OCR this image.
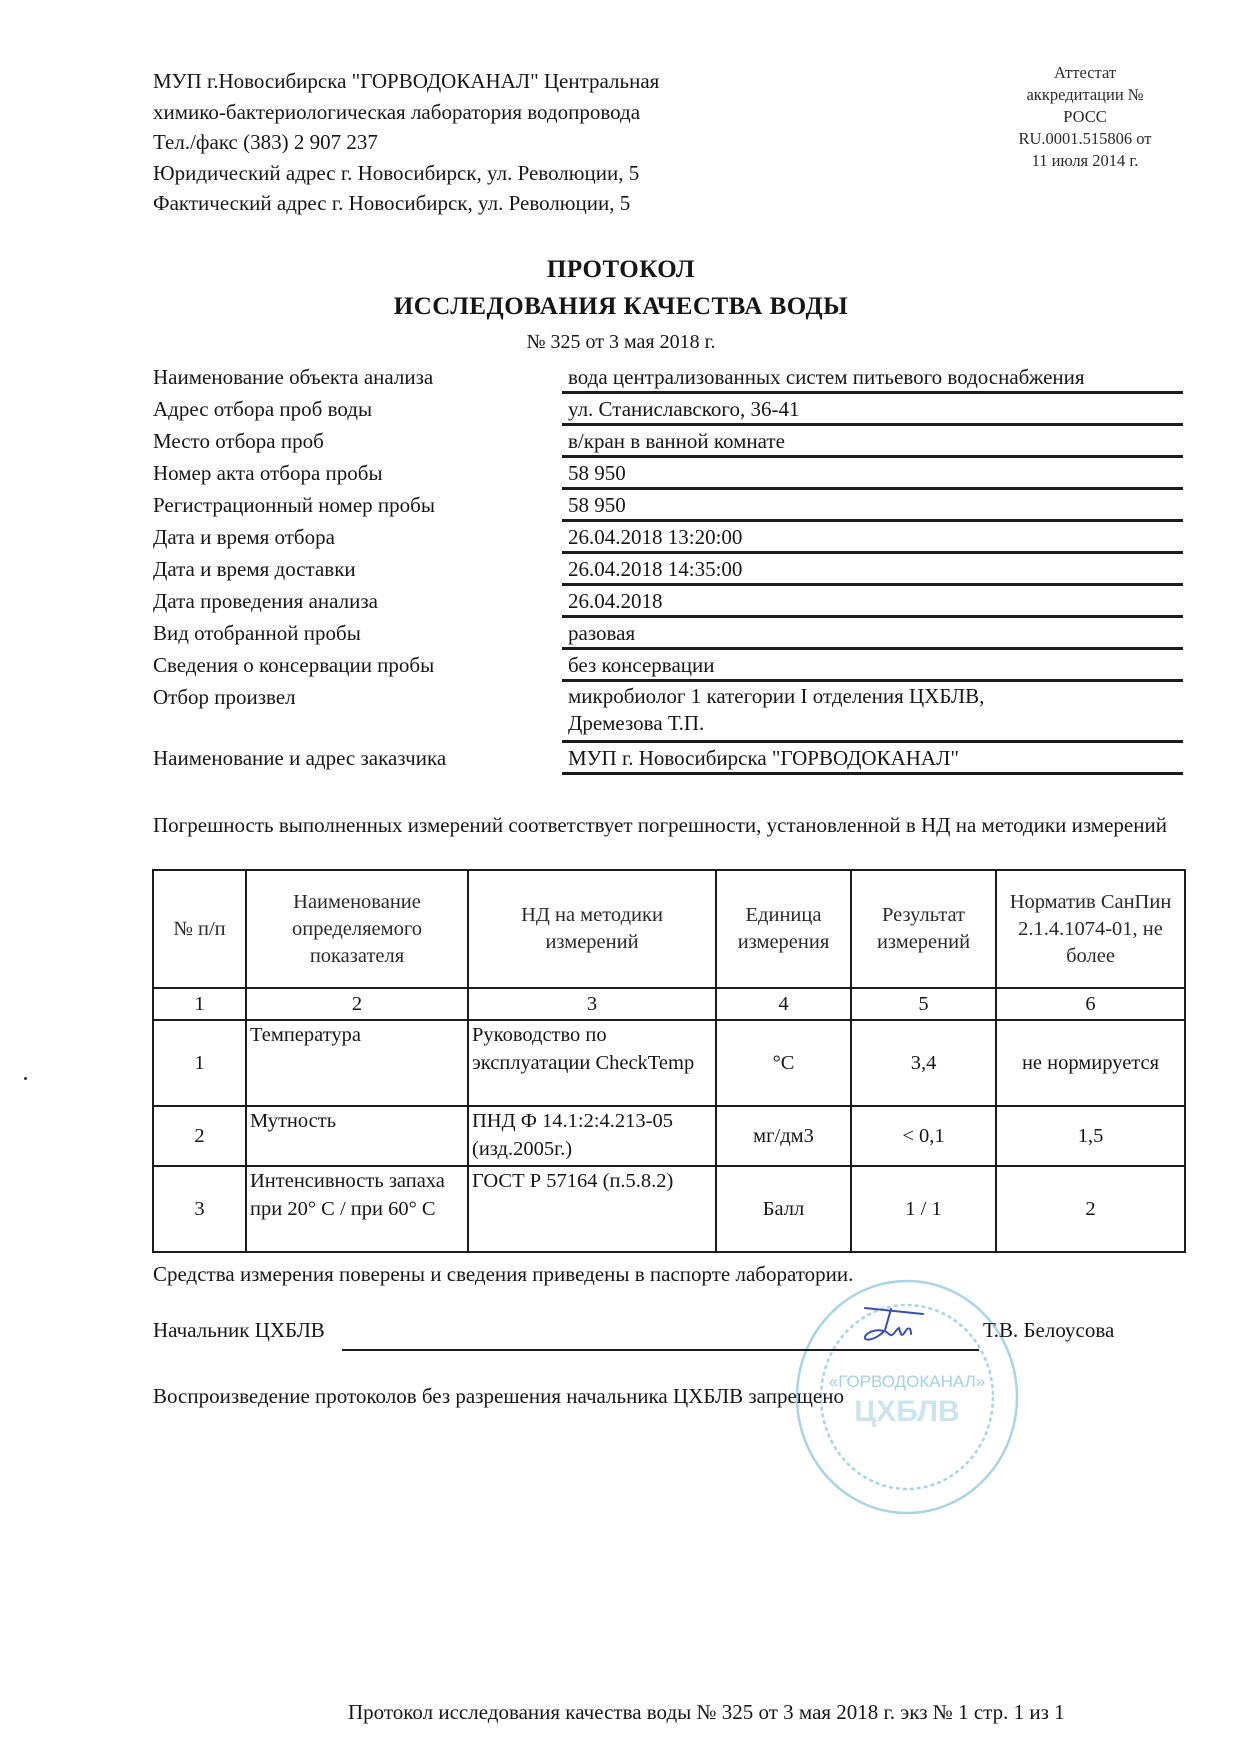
МУП г.Новосибирска "ГОРВОДОКАНАЛ" Центральная
химико-бактериологическая лаборатория водопровода
Тел./факс (383) 2 907 237
Юридический адрес г. Новосибирск, ул. Революции, 5
Фактический адрес г. Новосибирск, ул. Революции, 5
Аттестат
аккредитации №
РОСС
RU.0001.515806 от
11 июля 2014 г.
ПРОТОКОЛ
ИССЛЕДОВАНИЯ КАЧЕСТВА ВОДЫ
№ 325 от 3 мая 2018 г.
Наименование объекта анализа	вода централизованных систем питьевого водоснабжения
Адрес отбора проб воды	ул. Станиславского, 36-41
Место отбора проб	в/кран в ванной комнате
Номер акта отбора пробы	58 950
Регистрационный номер пробы	58 950
Дата и время отбора	26.04.2018 13:20:00
Дата и время доставки	26.04.2018 14:35:00
Дата проведения анализа	26.04.2018
Вид отобранной пробы	разовая
Сведения о консервации пробы	без консервации
Отбор произвел	микробиолог 1 категории I отделения ЦХБЛВ,
Дремезова Т.П.
Наименование и адрес заказчика	МУП г. Новосибирска "ГОРВОДОКАНАЛ"
Погрешность выполненных измерений соответствует погрешности, установленной в НД на методики измерений
№ п/п	Наименование определяемого показателя	НД на методики измерений	Единица измерения	Результат измерений	Норматив СанПин 2.1.4.1074-01, не более
1	2	3	4	5	6
1	Температура	Руководство по эксплуатации CheckTemp	°C	3,4	не нормируется
2	Мутность	ПНД Ф 14.1:2:4.213-05 (изд.2005г.)	мг/дм3	< 0,1	1,5
3	Интенсивность запаха при 20° С / при 60° С	ГОСТ Р 57164 (п.5.8.2)	Балл	1 / 1	2
Средства измерения поверены и сведения приведены в паспорте лаборатории.
«ГОРВОДОКАНАЛ»
ЦХБЛВ
Начальник ЦХБЛВ	Т.В. Белоусова
Воспроизведение протоколов без разрешения начальника ЦХБЛВ запрещено
Протокол исследования качества воды № 325 от 3 мая 2018 г. экз № 1 стр. 1 из 1
